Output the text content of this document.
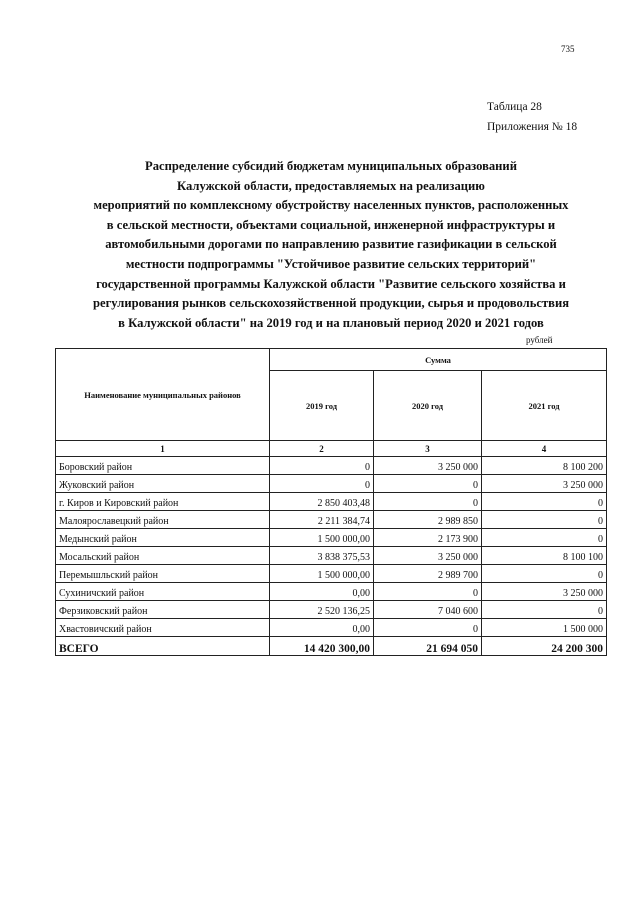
735
Таблица 28
Приложения № 18
Распределение субсидий бюджетам муниципальных образований
Калужской области, предоставляемых на реализацию
мероприятий по комплексному обустройству населенных пунктов, расположенных
в сельской местности, объектами социальной, инженерной инфраструктуры и
автомобильными дорогами по направлению развитие газификации в сельской
местности подпрограммы "Устойчивое развитие сельских территорий"
государственной программы Калужской области "Развитие сельского хозяйства и
регулирования рынков сельскохозяйственной продукции, сырья и продовольствия
в Калужской области" на 2019 год и на плановый период 2020 и 2021 годов
рублей
Наименование муниципальных районов	Сумма		
	2019 год	2020 год	2021 год
1	2	3	4
Боровский район	0	3 250 000	8 100 200
Жуковский район	0	0	3 250 000
г. Киров и Кировский район	2 850 403,48	0	0
Малоярославецкий район	2 211 384,74	2 989 850	0
Медынский район	1 500 000,00	2 173 900	0
Мосальский район	3 838 375,53	3 250 000	8 100 100
Перемышльский район	1 500 000,00	2 989 700	0
Сухиничский район	0,00	0	3 250 000
Ферзиковский район	2 520 136,25	7 040 600	0
Хвастовичский район	0,00	0	1 500 000
ВСЕГО	14 420 300,00	21 694 050	24 200 300
